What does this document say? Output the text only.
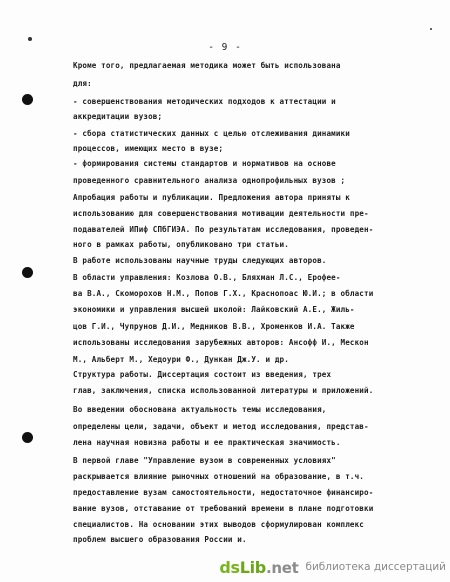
- 9 -
Кроме того, предлагаемая методика может быть использована
для:
- совершенствования методических подходов к аттестации и
аккредитации вузов;
- сбора статистических данных с целью отслеживания динамики
процессов, имеющих место в вузе;
- формирования системы стандартов и нормативов на основе
проведенного сравнительного анализа однопрофильных вузов ;
Апробация работы и публикации. Предложения автора приняты к
использованию для совершенствования мотивации деятельности пре-
подавателей ИПиф СПбГИЭА. По результатам исследования, проведен-
ного в рамках работы, опубликовано три статьи.
В работе использованы научные труды следующих авторов.
В области управления: Козлова О.В., Бляхман Л.С., Ерофее-
ва В.А., Скоморохов Н.М., Попов Г.Х., Краснопоас Ю.И.; в области
экономики и управления высшей школой: Лайковский А.Е., Жиль-
цов Г.И., Чупрунов Д.И., Медников В.В., Хроменков И.А. Также
использованы исследования зарубежных авторов: Ансофф И., Мескон
М., Альберт М., Хедоури Ф., Дункан Дж.У. и др.
Структура работы. Диссертация состоит из введения, трех
глав, заключения, списка использованной литературы и приложений.
Во введении обоснована актуальность темы исследования,
определены цели, задачи, объект и метод исследования, представ-
лена научная новизна работы и ее практическая значимость.
В первой главе "Управление вузом в современных условиях"
раскрывается влияние рыночных отношений на образование, в т.ч.
предоставление вузам самостоятельности, недостаточное финансиро-
вание вузов, отставание от требований времени в плане подготовки
специалистов. На основании этих выводов сформулирован комплекс
проблем высшего образования России и.
ds Lib .net библиотека диссертаций
